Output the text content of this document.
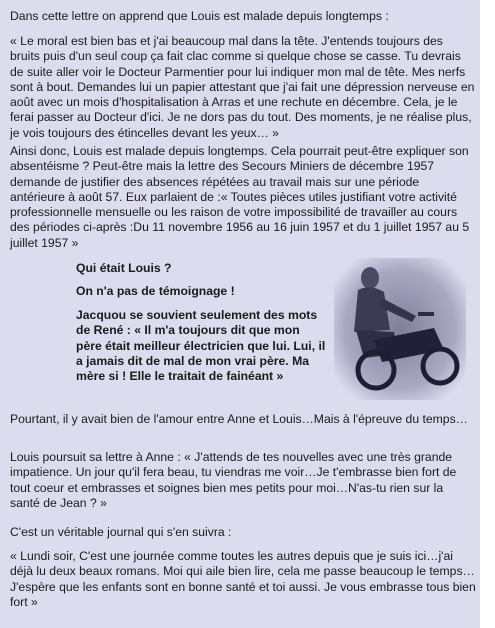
Dans cette lettre on apprend que Louis est malade depuis longtemps :

« Le moral est bien bas et j'ai beaucoup mal dans la tête. J'entends toujours des bruits puis d'un seul coup ça fait clac comme si quelque chose se casse. Tu devrais de suite aller voir le Docteur Parmentier pour lui indiquer mon mal de tête. Mes nerfs sont à bout. Demandes lui un papier attestant que j'ai fait une dépression nerveuse en août avec un mois d'hospitalisation à Arras et une rechute en décembre. Cela, je le ferai passer au Docteur d'ici. Je ne dors pas du tout. Des moments, je ne réalise plus, je vois toujours des étincelles devant les yeux… »

Ainsi donc, Louis est malade depuis longtemps. Cela pourrait peut-être expliquer son absentéisme ? Peut-être mais la lettre des Secours Miniers de décembre 1957 demande de justifier des absences répétées au travail mais sur une période antérieure à août 57. Eux parlaient de :« Toutes pièces utiles justifiant votre activité professionnelle mensuelle ou les raison de votre impossibilité de travailler au cours des périodes ci-après :Du 11 novembre 1956 au 16 juin 1957 et du 1 juillet 1957 au 5 juillet 1957 »

Qui était Louis ?

On n'a pas de témoignage !

Jacquou se souvient seulement des mots de René : « Il m'a toujours dit que mon père était meilleur électricien que lui. Lui, il a jamais dit de mal de mon vrai père. Ma mère si ! Elle le traitait de fainéant »

Pourtant, il y avait bien de l'amour entre Anne et Louis…Mais à l'épreuve du temps…

Louis poursuit sa lettre à Anne : « J'attends de tes nouvelles avec une très grande impatience. Un jour qu'il fera beau, tu viendras me voir…Je t'embrasse bien fort de tout coeur et embrasses et soignes bien mes petits pour moi…N'as-tu rien sur la santé de Jean ? »

C'est un véritable journal qui s'en suivra :

« Lundi soir, C'est une journée comme toutes les autres depuis que je suis ici…j'ai déjà lu deux beaux romans. Moi qui aile bien lire, cela me passe beaucoup le temps…J'espère que les enfants sont en bonne santé et toi aussi. Je vous embrasse tous bien fort »
